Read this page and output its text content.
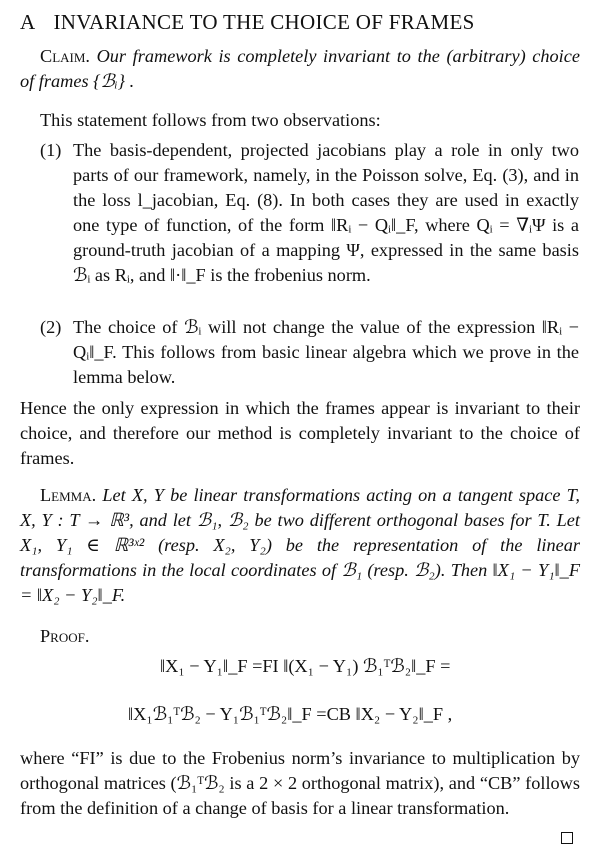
A INVARIANCE TO THE CHOICE OF FRAMES
Claim. Our framework is completely invariant to the (arbitrary) choice of frames {ℬᵢ} .
This statement follows from two observations:
(1) The basis-dependent, projected jacobians play a role in only two parts of our framework, namely, in the Poisson solve, Eq. (3), and in the loss l_jacobian, Eq. (8). In both cases they are used in exactly one type of function, of the form ‖Rᵢ − Qᵢ‖_F, where Qᵢ = ∇ᵢΨ is a ground-truth jacobian of a mapping Ψ, expressed in the same basis ℬᵢ as Rᵢ, and ‖·‖_F is the frobenius norm.
(2) The choice of ℬᵢ will not change the value of the expression ‖Rᵢ − Qᵢ‖_F. This follows from basic linear algebra which we prove in the lemma below.
Hence the only expression in which the frames appear is invariant to their choice, and therefore our method is completely invariant to the choice of frames.
Lemma. Let X, Y be linear transformations acting on a tangent space T, X, Y : T → ℝ³, and let ℬ₁, ℬ₂ be two different orthogonal bases for T. Let X₁, Y₁ ∈ ℝ³ˣ² (resp. X₂, Y₂) be the representation of the linear transformations in the local coordinates of ℬ₁ (resp. ℬ₂). Then ‖X₁ − Y₁‖_F = ‖X₂ − Y₂‖_F.
Proof.
‖X₁ − Y₁‖_F =FI ‖(X₁ − Y₁) ℬ₁ᵀℬ₂‖_F =
‖X₁ℬ₁ᵀℬ₂ − Y₁ℬ₁ᵀℬ₂‖_F =CB ‖X₂ − Y₂‖_F ,
where “FI” is due to the Frobenius norm’s invariance to multiplication by orthogonal matrices (ℬ₁ᵀℬ₂ is a 2 × 2 orthogonal matrix), and “CB” follows from the definition of a change of basis for a linear transformation.
